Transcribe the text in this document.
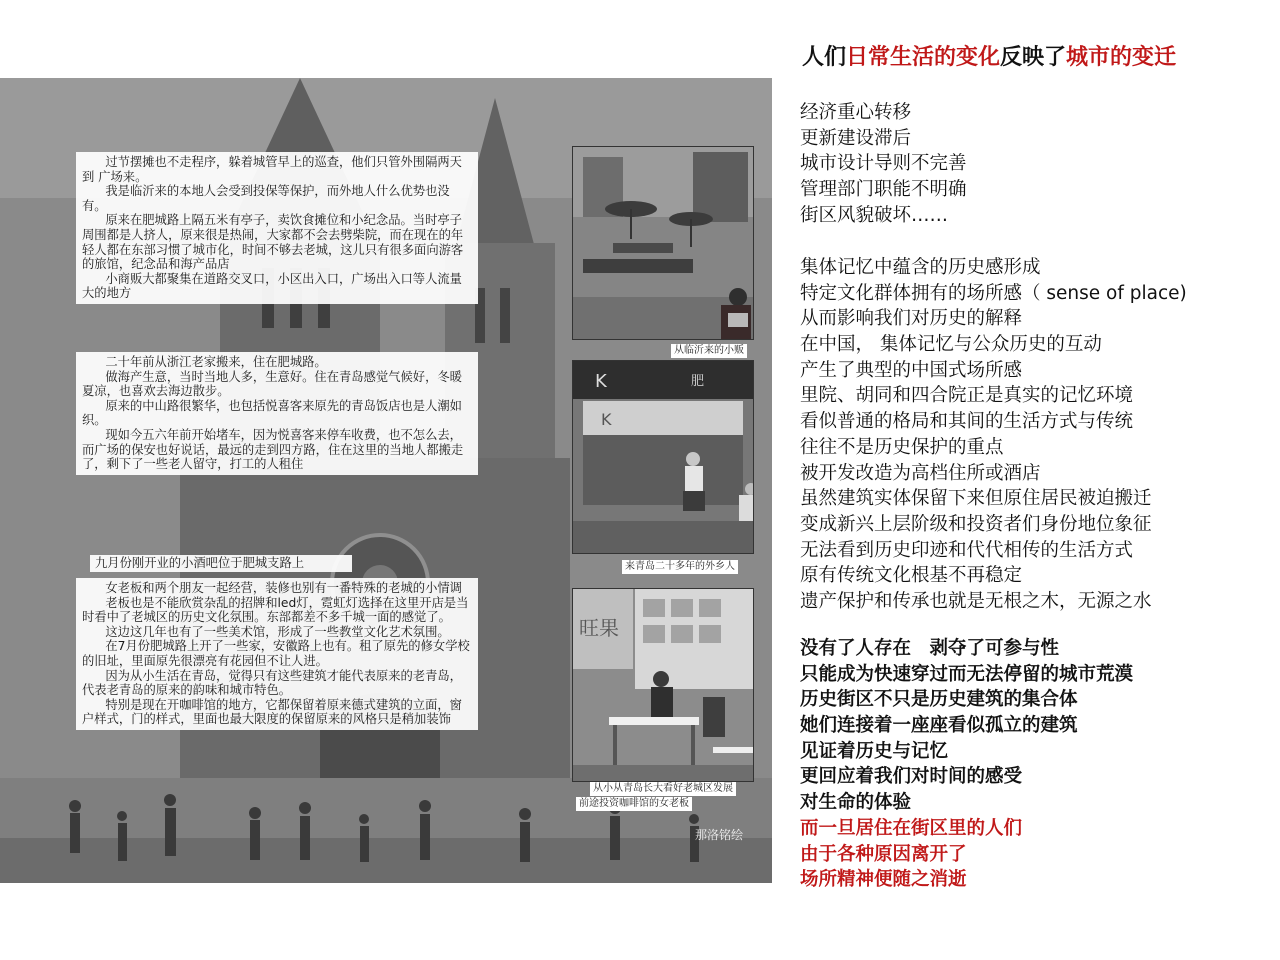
过节摆摊也不走程序，躲着城管早上的巡查，他们只管外围隔两天到 广场来。

我是临沂来的本地人会受到投保等保护，而外地人什么优势也没有。

原来在肥城路上隔五米有亭子，卖饮食摊位和小纪念品。当时亭子周围都是人挤人，原来很是热闹，大家都不会去劈柴院，而在现在的年轻人都在东部习惯了城市化，时间不够去老城，这儿只有很多面向游客的旅馆，纪念品和海产品店

小商贩大都聚集在道路交叉口，小区出入口，广场出入口等人流量大的地方

二十年前从浙江老家搬来，住在肥城路。

做海产生意，当时当地人多，生意好。住在青岛感觉气候好，冬暖夏凉，也喜欢去海边散步。

原来的中山路很繁华，也包括悦喜客来原先的青岛饭店也是人潮如织。

现如今五六年前开始堵车，因为悦喜客来停车收费，也不怎么去，而广场的保安也好说话，最远的走到四方路，住在这里的当地人都搬走了，剩下了一些老人留守，打工的人租住

九月份刚开业的小酒吧位于肥城支路上

女老板和两个朋友一起经营，装修也别有一番特殊的老城的小情调

老板也是不能欣赏杂乱的招牌和led灯，霓虹灯选择在这里开店是当时看中了老城区的历史文化氛围。东部都差不多千城一面的感觉了。

这边这几年也有了一些美术馆，形成了一些教堂文化艺术氛围。

在7月份肥城路上开了一些家，安徽路上也有。租了原先的修女学校的旧址，里面原先很漂亮有花园但不让人进。

因为从小生活在青岛，觉得只有这些建筑才能代表原来的老青岛，代表老青岛的原来的韵味和城市特色。

特别是现在开咖啡馆的地方，它都保留着原来德式建筑的立面，窗户样式，门的样式，里面也最大限度的保留原来的风格只是稍加装饰

从临沂来的小贩
K	肥
K
来青岛二十多年的外乡人
旺果
从小从青岛长大看好老城区发展
前途投资咖啡馆的女老板
那洛铭绘
人们日常生活的变化反映了城市的变迁
经济重心转移
更新建设滞后
城市设计导则不完善
管理部门职能不明确
街区风貌破坏……
集体记忆中蕴含的历史感形成
特定文化群体拥有的场所感（ sense of place)
从而影响我们对历史的解释
在中国， 集体记忆与公众历史的互动
产生了典型的中国式场所感
里院、胡同和四合院正是真实的记忆环境
看似普通的格局和其间的生活方式与传统
往往不是历史保护的重点
被开发改造为高档住所或酒店
虽然建筑实体保留下来但原住居民被迫搬迁
变成新兴上层阶级和投资者们身份地位象征
无法看到历史印迹和代代相传的生活方式
原有传统文化根基不再稳定
遗产保护和传承也就是无根之木，无源之水
没有了人存在　剥夺了可参与性
只能成为快速穿过而无法停留的城市荒漠
历史街区不只是历史建筑的集合体
她们连接着一座座看似孤立的建筑
见证着历史与记忆
更回应着我们对时间的感受
对生命的体验
而一旦居住在街区里的人们
由于各种原因离开了
场所精神便随之消逝
